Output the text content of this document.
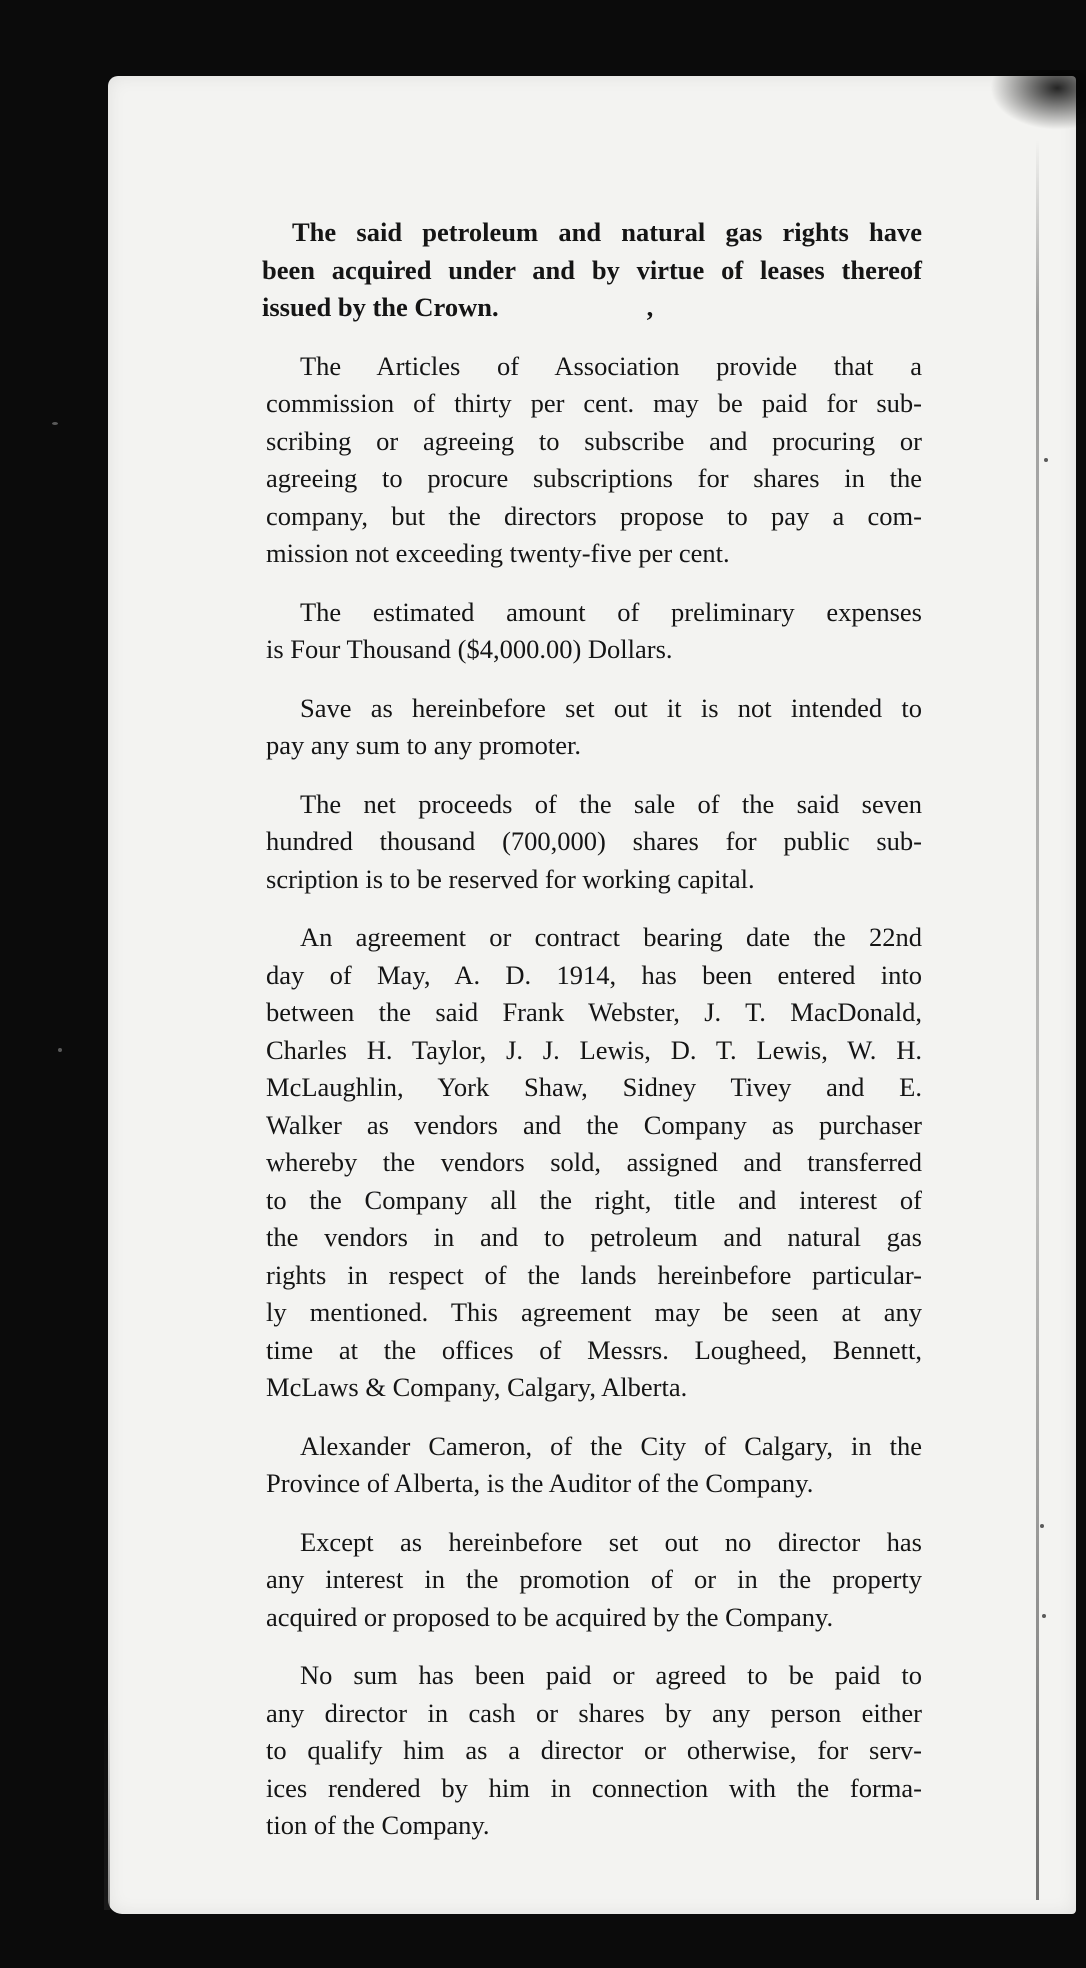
The said petroleum and natural gas rights have
been acquired under and by virtue of leases thereof
issued by the Crown.	,
The Articles of Association provide that a
commission of thirty per cent. may be paid for sub-
scribing or agreeing to subscribe and procuring or
agreeing to procure subscriptions for shares in the
company, but the directors propose to pay a com-
mission not exceeding twenty-five per cent.
The estimated amount of preliminary expenses
is Four Thousand ($4,000.00) Dollars.
Save as hereinbefore set out it is not intended to
pay any sum to any promoter.
The net proceeds of the sale of the said seven
hundred thousand (700,000) shares for public sub-
scription is to be reserved for working capital.
An agreement or contract bearing date the 22nd
day of May, A. D. 1914, has been entered into
between the said Frank Webster, J. T. MacDonald,
Charles H. Taylor, J. J. Lewis, D. T. Lewis, W. H.
McLaughlin, York Shaw, Sidney Tivey and E.
Walker as vendors and the Company as purchaser
whereby the vendors sold, assigned and transferred
to the Company all the right, title and interest of
the vendors in and to petroleum and natural gas
rights in respect of the lands hereinbefore particular-
ly mentioned. This agreement may be seen at any
time at the offices of Messrs. Lougheed, Bennett,
McLaws & Company, Calgary, Alberta.
Alexander Cameron, of the City of Calgary, in the
Province of Alberta, is the Auditor of the Company.
Except as hereinbefore set out no director has
any interest in the promotion of or in the property
acquired or proposed to be acquired by the Company.
No sum has been paid or agreed to be paid to
any director in cash or shares by any person either
to qualify him as a director or otherwise, for serv-
ices rendered by him in connection with the forma-
tion of the Company.
